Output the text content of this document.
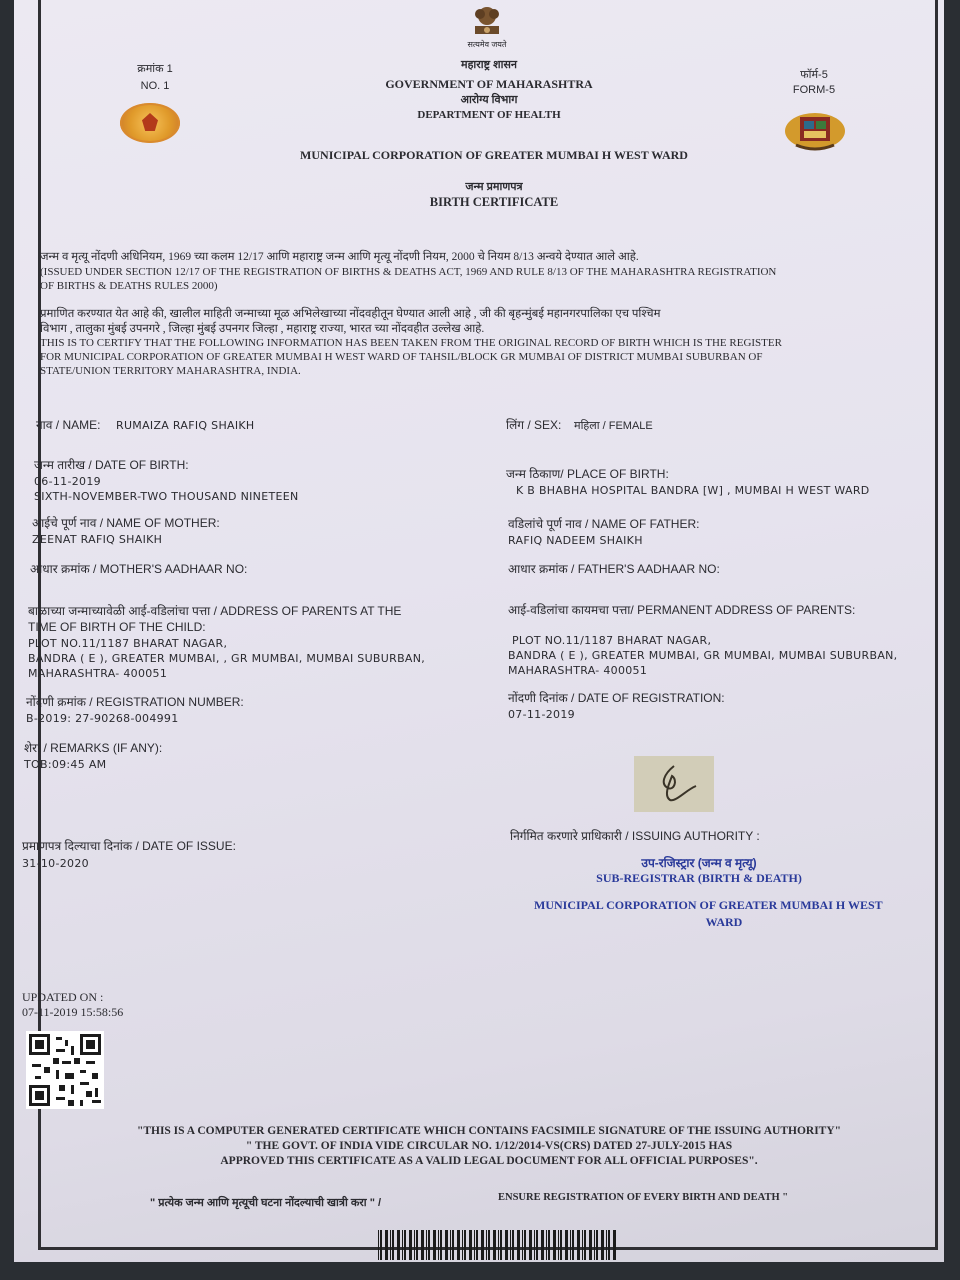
सत्यमेव जयते
क्रमांक 1
NO. 1
महाराष्ट्र शासन
GOVERNMENT OF MAHARASHTRA
आरोग्य विभाग
DEPARTMENT OF HEALTH
फॉर्म-5
FORM-5
MUNICIPAL CORPORATION OF GREATER MUMBAI H WEST WARD
जन्म प्रमाणपत्र
BIRTH CERTIFICATE
जन्म व मृत्यू नोंदणी अधिनियम, 1969 च्या कलम 12/17 आणि महाराष्ट्र जन्म आणि मृत्यू नोंदणी नियम, 2000 चे नियम 8/13 अन्वये देण्यात आले आहे.
(ISSUED UNDER SECTION 12/17 OF THE REGISTRATION OF BIRTHS & DEATHS ACT, 1969 AND RULE 8/13 OF THE MAHARASHTRA REGISTRATION
OF BIRTHS & DEATHS RULES 2000)
प्रमाणित करण्यात येत आहे की, खालील माहिती जन्माच्या मूळ अभिलेखाच्या नोंदवहीतून घेण्यात आली आहे , जी की बृहन्मुंबई महानगरपालिका एच पश्चिम
विभाग , तालुका मुंबई उपनगरे , जिल्हा मुंबई उपनगर जिल्हा , महाराष्ट्र राज्या, भारत च्या नोंदवहीत उल्लेख आहे.
THIS IS TO CERTIFY THAT THE FOLLOWING INFORMATION HAS BEEN TAKEN FROM THE ORIGINAL RECORD OF BIRTH WHICH IS THE REGISTER
FOR MUNICIPAL CORPORATION OF GREATER MUMBAI H WEST WARD OF TAHSIL/BLOCK GR MUMBAI OF DISTRICT MUMBAI SUBURBAN OF
STATE/UNION TERRITORY MAHARASHTRA, INDIA.
नाव / NAME: RUMAIZA RAFIQ SHAIKH	लिंग / SEX: महिला / FEMALE
जन्म तारीख / DATE OF BIRTH:
06-11-2019
SIXTH-NOVEMBER-TWO THOUSAND NINETEEN
जन्म ठिकाण/ PLACE OF BIRTH:
K B BHABHA HOSPITAL BANDRA [W] , MUMBAI H WEST WARD
आईचे पूर्ण नाव / NAME OF MOTHER:
ZEENAT RAFIQ SHAIKH
वडिलांचे पूर्ण नाव / NAME OF FATHER:
RAFIQ NADEEM SHAIKH
आधार क्रमांक / MOTHER'S AADHAAR NO:	आधार क्रमांक / FATHER'S AADHAAR NO:
बाळाच्या जन्माच्यावेळी आई-वडिलांचा पत्ता / ADDRESS OF PARENTS AT THE
TIME OF BIRTH OF THE CHILD:
PLOT NO.11/1187 BHARAT NAGAR,
BANDRA ( E ), GREATER MUMBAI, , GR MUMBAI, MUMBAI SUBURBAN,
MAHARASHTRA- 400051
आई-वडिलांचा कायमचा पत्ता/ PERMANENT ADDRESS OF PARENTS:
PLOT NO.11/1187 BHARAT NAGAR,
BANDRA ( E ), GREATER MUMBAI, GR MUMBAI, MUMBAI SUBURBAN,
MAHARASHTRA- 400051
नोंदणी क्रमांक / REGISTRATION NUMBER:
B-2019: 27-90268-004991
नोंदणी दिनांक / DATE OF REGISTRATION:
07-11-2019
शेरा / REMARKS (IF ANY):
TOB:09:45 AM
प्रमाणपत्र दिल्याचा दिनांक / DATE OF ISSUE:
31-10-2020
निर्गमित करणारे प्राधिकारी / ISSUING AUTHORITY :
उप-रजिस्ट्रार (जन्म व मृत्यू)
SUB-REGISTRAR (BIRTH & DEATH)
MUNICIPAL CORPORATION OF GREATER MUMBAI H WEST
WARD
UPDATED ON :
07-11-2019 15:58:56
"THIS IS A COMPUTER GENERATED CERTIFICATE WHICH CONTAINS FACSIMILE SIGNATURE OF THE ISSUING AUTHORITY"
" THE GOVT. OF INDIA VIDE CIRCULAR NO. 1/12/2014-VS(CRS) DATED 27-JULY-2015 HAS
APPROVED THIS CERTIFICATE AS A VALID LEGAL DOCUMENT FOR ALL OFFICIAL PURPOSES".
" प्रत्येक जन्म आणि मृत्यूची घटना नोंदल्याची खात्री करा " /	ENSURE REGISTRATION OF EVERY BIRTH AND DEATH "
